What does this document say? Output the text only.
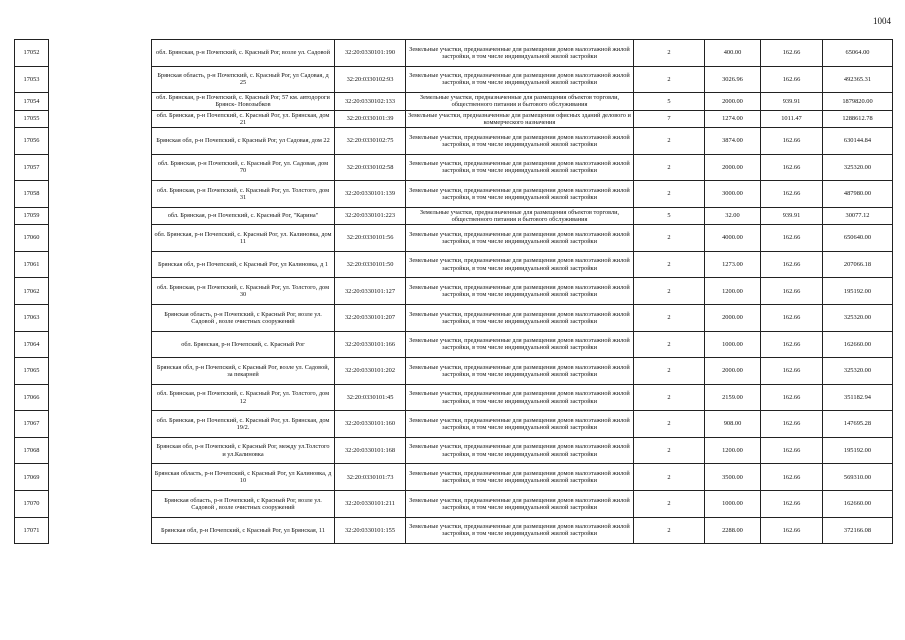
1004
17052		обл. Брянская, р-н Почепский, с. Красный Рог, возле ул. Садовой	32:20:0330101:190	Земельные участки, предназначенные для размещения домов малоэтажной жилой застройки, в том числе индивидуальной жилой застройки	2	400.00	162.66	65064.00
17053		Брянская область, р-н Почепский, с. Красный Рог, ул Садовая, д 25	32:20:0330102:93	Земельные участки, предназначенные для размещения домов малоэтажной жилой застройки, в том числе индивидуальной жилой застройки	2	3026.96	162.66	492365.31
17054		обл. Брянская, р-н Почепский, с. Красный Рог, 57 км. автодороги Брянск- Новозыбков	32:20:0330102:133	Земельные участки, предназначенные для размещения объектов торговли, общественного питания и бытового обслуживания	5	2000.00	939.91	1879820.00
17055		обл. Брянская, р-н Почепский, с. Красный Рог, ул. Брянская, дом 21	32:20:0330101:39	Земельные участки, предназначенные для размещения офисных зданий делового и коммерческого назначения	7	1274.00	1011.47	1288612.78
17056		Брянская обл, р-н Почепский, с Красный Рог, ул Садовая, дом 22	32:20:0330102:75	Земельные участки, предназначенные для размещения домов малоэтажной жилой застройки, в том числе индивидуальной жилой застройки	2	3874.00	162.66	630144.84
17057		обл. Брянская, р-н Почепский, с. Красный Рог, ул. Садовая, дом 70	32:20:0330102:58	Земельные участки, предназначенные для размещения домов малоэтажной жилой застройки, в том числе индивидуальной жилой застройки	2	2000.00	162.66	325320.00
17058		обл. Брянская, р-н Почепский, с. Красный Рог, ул. Толстого, дом 31	32:20:0330101:139	Земельные участки, предназначенные для размещения домов малоэтажной жилой застройки, в том числе индивидуальной жилой застройки	2	3000.00	162.66	487980.00
17059		обл. Брянская, р-н Почепский, с. Красный Рог, "Карина"	32:20:0330101:223	Земельные участки, предназначенные для размещения объектов торговли, общественного питания и бытового обслуживания	5	32.00	939.91	30077.12
17060		обл. Брянская, р-н Почепский, с. Красный Рог, ул. Калиновка, дом 11	32:20:0330101:56	Земельные участки, предназначенные для размещения домов малоэтажной жилой застройки, в том числе индивидуальной жилой застройки	2	4000.00	162.66	650640.00
17061		Брянская обл, р-н Почепский, с Красный Рог, ул Калиновка, д 1	32:20:0330101:50	Земельные участки, предназначенные для размещения домов малоэтажной жилой застройки, в том числе индивидуальной жилой застройки	2	1273.00	162.66	207066.18
17062		обл. Брянская, р-н Почепский, с. Красный Рог, ул. Толстого, дом 30	32:20:0330101:127	Земельные участки, предназначенные для размещения домов малоэтажной жилой застройки, в том числе индивидуальной жилой застройки	2	1200.00	162.66	195192.00
17063		Брянская область, р-н Почепский, с Красный Рог, возле ул. Садовой , возле очистных сооружений	32:20:0330101:207	Земельные участки, предназначенные для размещения домов малоэтажной жилой застройки, в том числе индивидуальной жилой застройки	2	2000.00	162.66	325320.00
17064		обл. Брянская, р-н Почепский, с. Красный Рог	32:20:0330101:166	Земельные участки, предназначенные для размещения домов малоэтажной жилой застройки, в том числе индивидуальной жилой застройки	2	1000.00	162.66	162660.00
17065		Брянская обл, р-н Почепский, с Красный Рог, возле ул. Садовой, за пекарней	32:20:0330101:202	Земельные участки, предназначенные для размещения домов малоэтажной жилой застройки, в том числе индивидуальной жилой застройки	2	2000.00	162.66	325320.00
17066		обл. Брянская, р-н Почепский, с. Красный Рог, ул. Толстого, дом 12	32:20:0330101:45	Земельные участки, предназначенные для размещения домов малоэтажной жилой застройки, в том числе индивидуальной жилой застройки	2	2159.00	162.66	351182.94
17067		обл. Брянская, р-н Почепский, с. Красный Рог, ул. Брянская, дом 19/2.	32:20:0330101:160	Земельные участки, предназначенные для размещения домов малоэтажной жилой застройки, в том числе индивидуальной жилой застройки	2	908.00	162.66	147695.28
17068		Брянская обл, р-н Почепский, с Красный Рог, между ул.Толстого и ул.Калиновка	32:20:0330101:168	Земельные участки, предназначенные для размещения домов малоэтажной жилой застройки, в том числе индивидуальной жилой застройки	2	1200.00	162.66	195192.00
17069		Брянская область, р-н Почепский, с Красный Рог, ул Калиновка, д 10	32:20:0330101:73	Земельные участки, предназначенные для размещения домов малоэтажной жилой застройки, в том числе индивидуальной жилой застройки	2	3500.00	162.66	569310.00
17070		Брянская область, р-н Почепский, с Красный Рог, возле ул. Садовой , возле очистных сооружений	32:20:0330101:211	Земельные участки, предназначенные для размещения домов малоэтажной жилой застройки, в том числе индивидуальной жилой застройки	2	1000.00	162.66	162660.00
17071		Брянская обл, р-н Почепский, с Красный Рог, ул Брянская, 11	32:20:0330101:155	Земельные участки, предназначенные для размещения домов малоэтажной жилой застройки, в том числе индивидуальной жилой застройки	2	2288.00	162.66	372166.08
